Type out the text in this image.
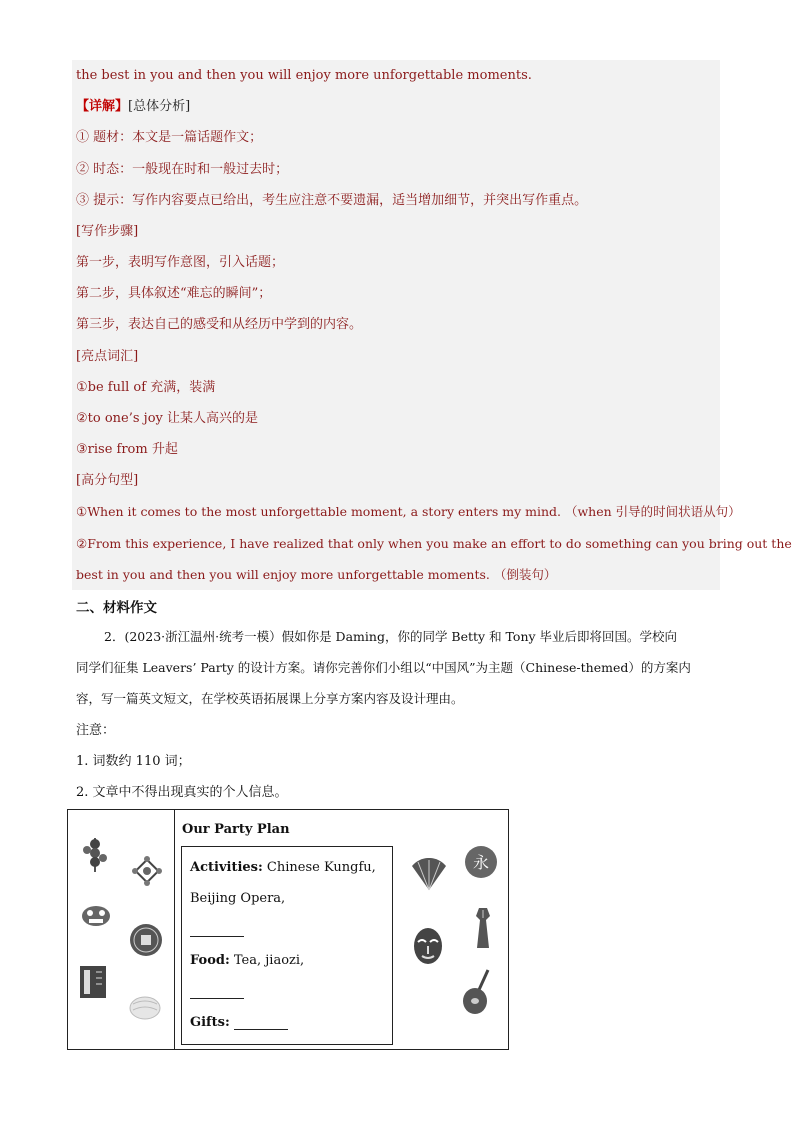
the best in you and then you will enjoy more unforgettable moments.
【详解】[总体分析]
① 题材：本文是一篇话题作文；
② 时态：一般现在时和一般过去时；
③ 提示：写作内容要点已给出，考生应注意不要遗漏，适当增加细节，并突出写作重点。
[写作步骤]
第一步，表明写作意图，引入话题；
第二步，具体叙述“难忘的瞬间”；
第三步，表达自己的感受和从经历中学到的内容。
[亮点词汇]
①be full of 充满，装满
②to one’s joy 让某人高兴的是
③rise from 升起
[高分句型]
①When it comes to the most unforgettable moment, a story enters my mind. （when 引导的时间状语从句）
②From this experience, I have realized that only when you make an effort to do something can you bring out the
best in you and then you will enjoy more unforgettable moments. （倒装句）
二、材料作文
2．(2023·浙江温州·统考一模）假如你是 Daming，你的同学 Betty 和 Tony 毕业后即将回国。学校向
同学们征集 Leavers’ Party 的设计方案。请你完善你们小组以“中国风”为主题（Chinese-themed）的方案内
容，写一篇英文短文，在学校英语拓展课上分享方案内容及设计理由。
注意：
1. 词数约 110 词；
2. 文章中不得出现真实的个人信息。
Our Party Plan
Activities: Chinese Kungfu,
Beijing Opera,
Food: Tea, jiaozi,
Gifts:
永
